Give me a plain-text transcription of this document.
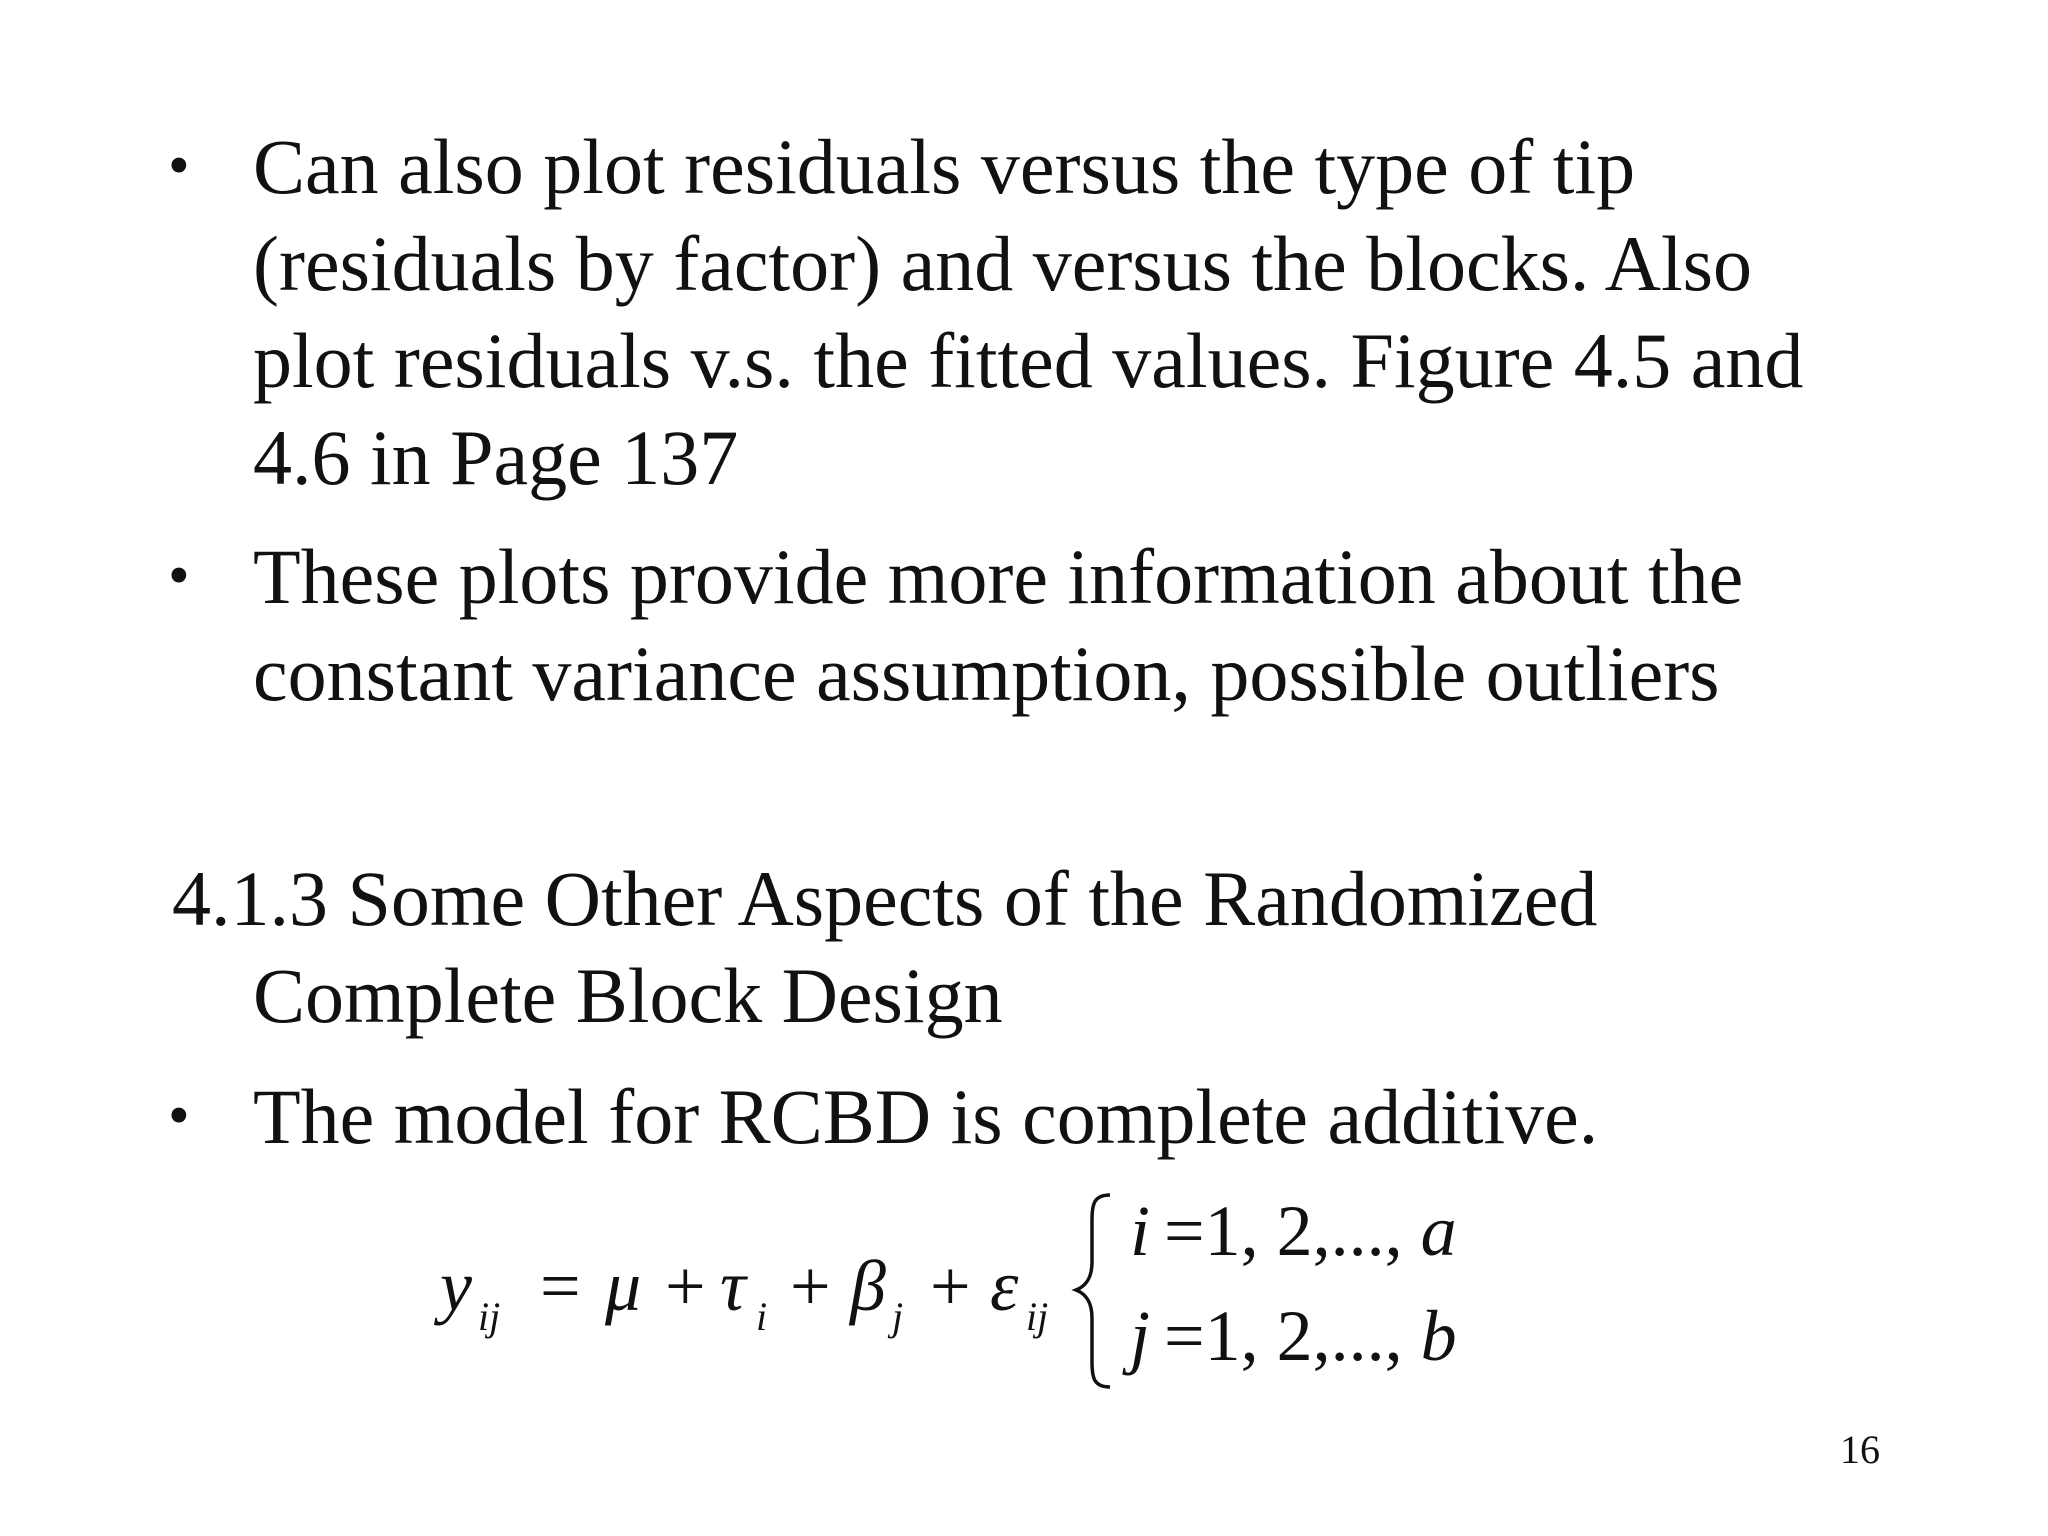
• Can also plot residuals versus the type of tip
(residuals by factor) and versus the blocks. Also
plot residuals v.s. the fitted values. Figure 4.5 and
4.6 in Page 137
• These plots provide more information about the
constant variance assumption, possible outliers
4.1.3 Some Other Aspects of the Randomized
Complete Block Design
• The model for RCBD is complete additive.
y ij = μ + τ i + β j + ε ij
i =1, 2,..., a
j =1, 2,..., b
16
